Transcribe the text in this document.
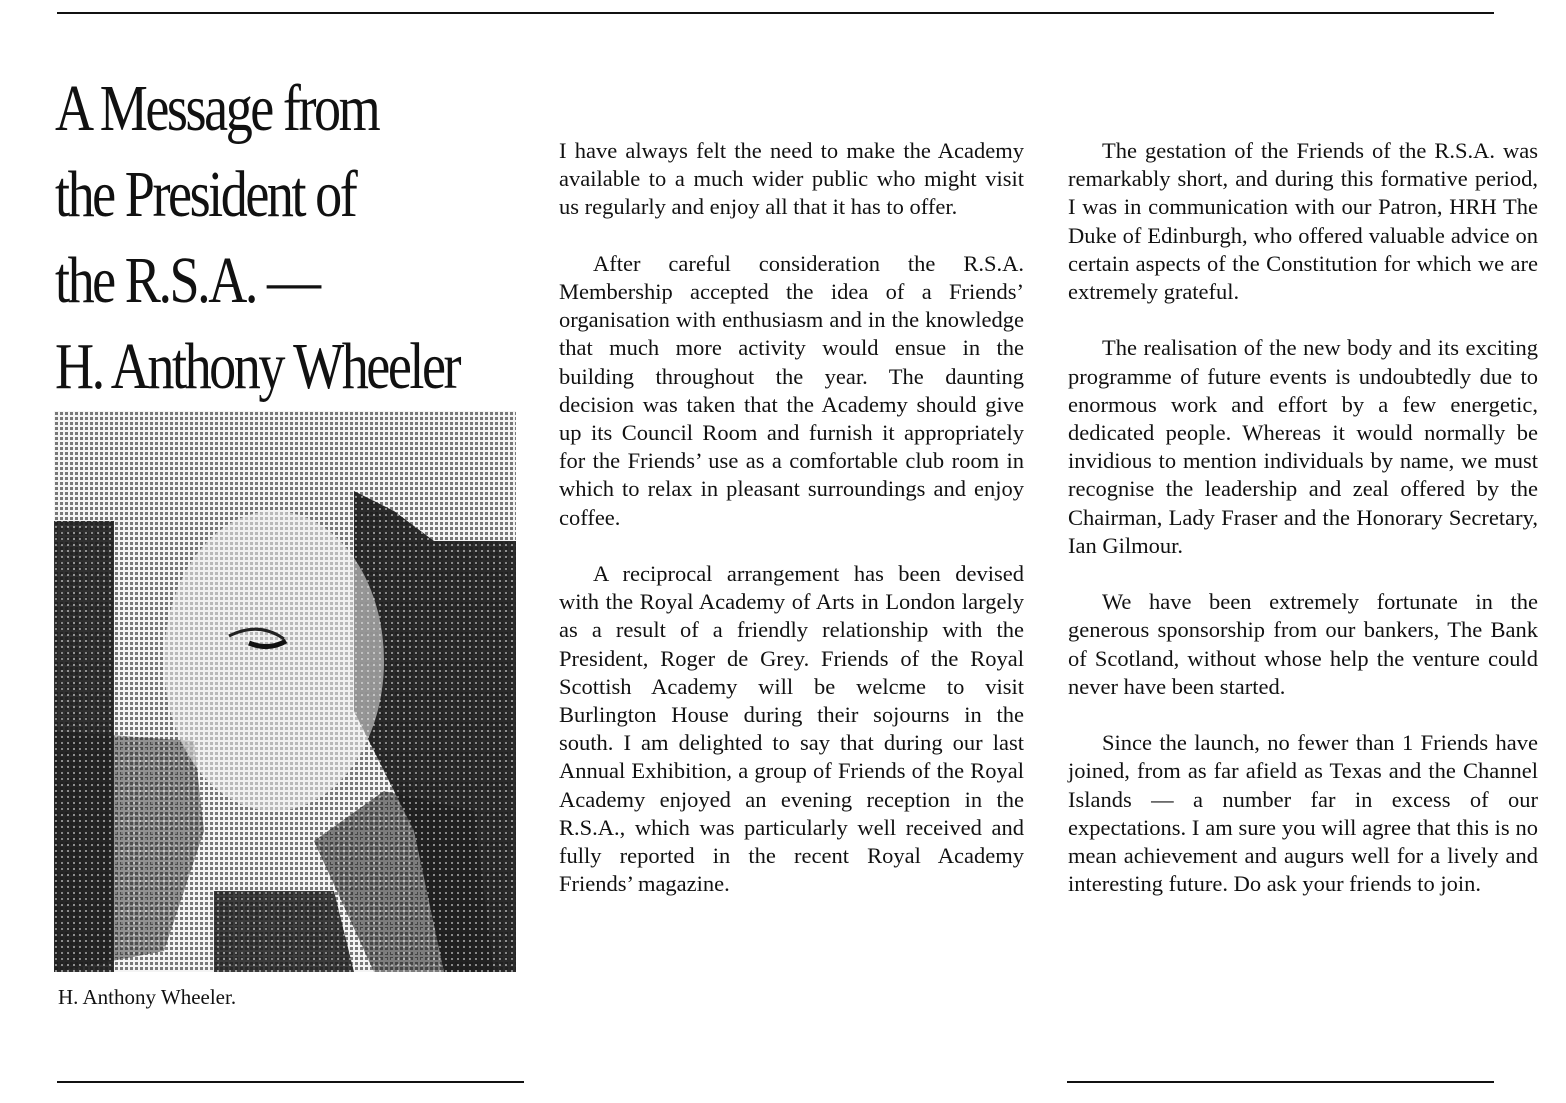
A Message from
the President of
the R.S.A. —
H. Anthony Wheeler
H. Anthony Wheeler.

I have always felt the need to make the Academy available to a much wider public who might visit us regularly and enjoy all that it has to offer.

After careful consideration the R.S.A. Membership accepted the idea of a Friends’ organisation with enthusiasm and in the knowledge that much more activity would ensue in the building throughout the year. The daunting decision was taken that the Academy should give up its Council Room and furnish it appropriately for the Friends’ use as a comfortable club room in which to relax in pleasant surroundings and enjoy coffee.

A reciprocal arrangement has been devised with the Royal Academy of Arts in London largely as a result of a friendly relationship with the President, Roger de Grey. Friends of the Royal Scottish Academy will be welcme to visit Burlington House during their sojourns in the south. I am delighted to say that during our last Annual Exhibition, a group of Friends of the Royal Academy enjoyed an evening reception in the R.S.A., which was particularly well received and fully reported in the recent Royal Academy Friends’ magazine.

The gestation of the Friends of the R.S.A. was remarkably short, and during this formative period, I was in communication with our Patron, HRH The Duke of Edinburgh, who offered valuable advice on certain aspects of the Constitution for which we are extremely grateful.

The realisation of the new body and its exciting programme of future events is undoubtedly due to enormous work and effort by a few energetic, dedicated people. Whereas it would normally be invidious to mention individuals by name, we must recognise the leadership and zeal offered by the Chairman, Lady Fraser and the Honorary Secretary, Ian Gilmour.

We have been extremely fortunate in the generous sponsorship from our bankers, The Bank of Scotland, without whose help the venture could never have been started.

Since the launch, no fewer than 1 Friends have joined, from as far afield as Texas and the Channel Islands — a number far in excess of our expectations. I am sure you will agree that this is no mean achievement and augurs well for a lively and interesting future. Do ask your friends to join.
